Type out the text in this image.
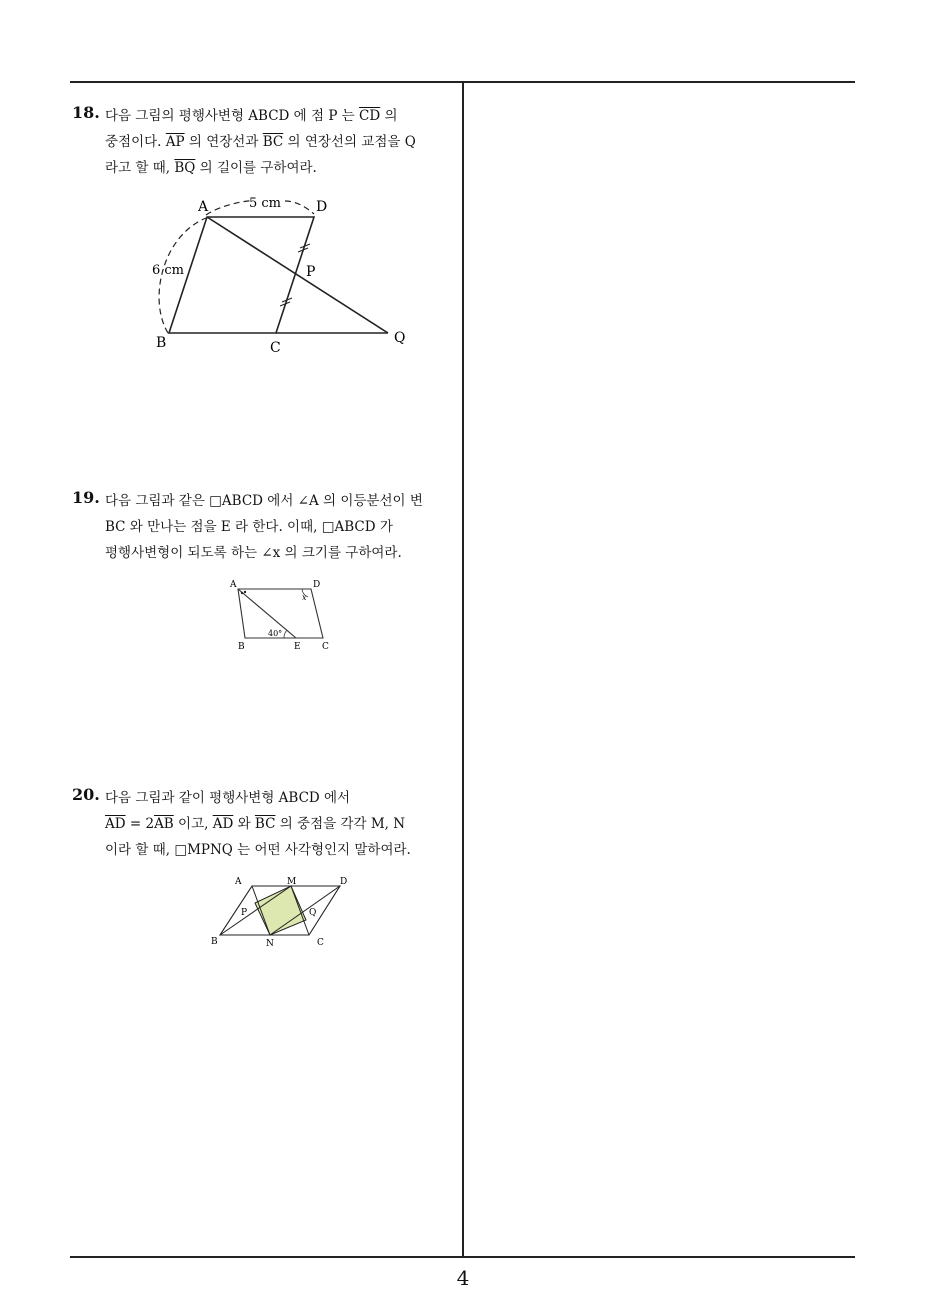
18. 다음 그림의 평행사변형 ABCD 에 점 P 는 $\overline{CD}$ 의
중점이다. $\overline{AP}$ 의 연장선과 $\overline{BC}$ 의 연장선의 교점을 Q
라고 할 때, $\overline{BQ}$ 의 길이를 구하여라.
A	D
B	C
P
Q
5 cm
6 cm
19. 다음 그림과 같은 □ABCD 에서 ∠A 의 이등분선이 변
BC 와 만나는 점을 E 라 한다. 이때, □ABCD 가
평행사변형이 되도록 하는 ∠x 의 크기를 구하여라.
A	D
B	E C
x
40°
20. 다음 그림과 같이 평행사변형 ABCD 에서
$\overline{AD} = 2\overline{AB}$ 이고, $\overline{AD}$ 와 $\overline{BC}$ 의 중점을 각각 M, N
이라 할 때, □MPNQ 는 어떤 사각형인지 말하여라.
A	M	D
P	Q
B	N	C
4
